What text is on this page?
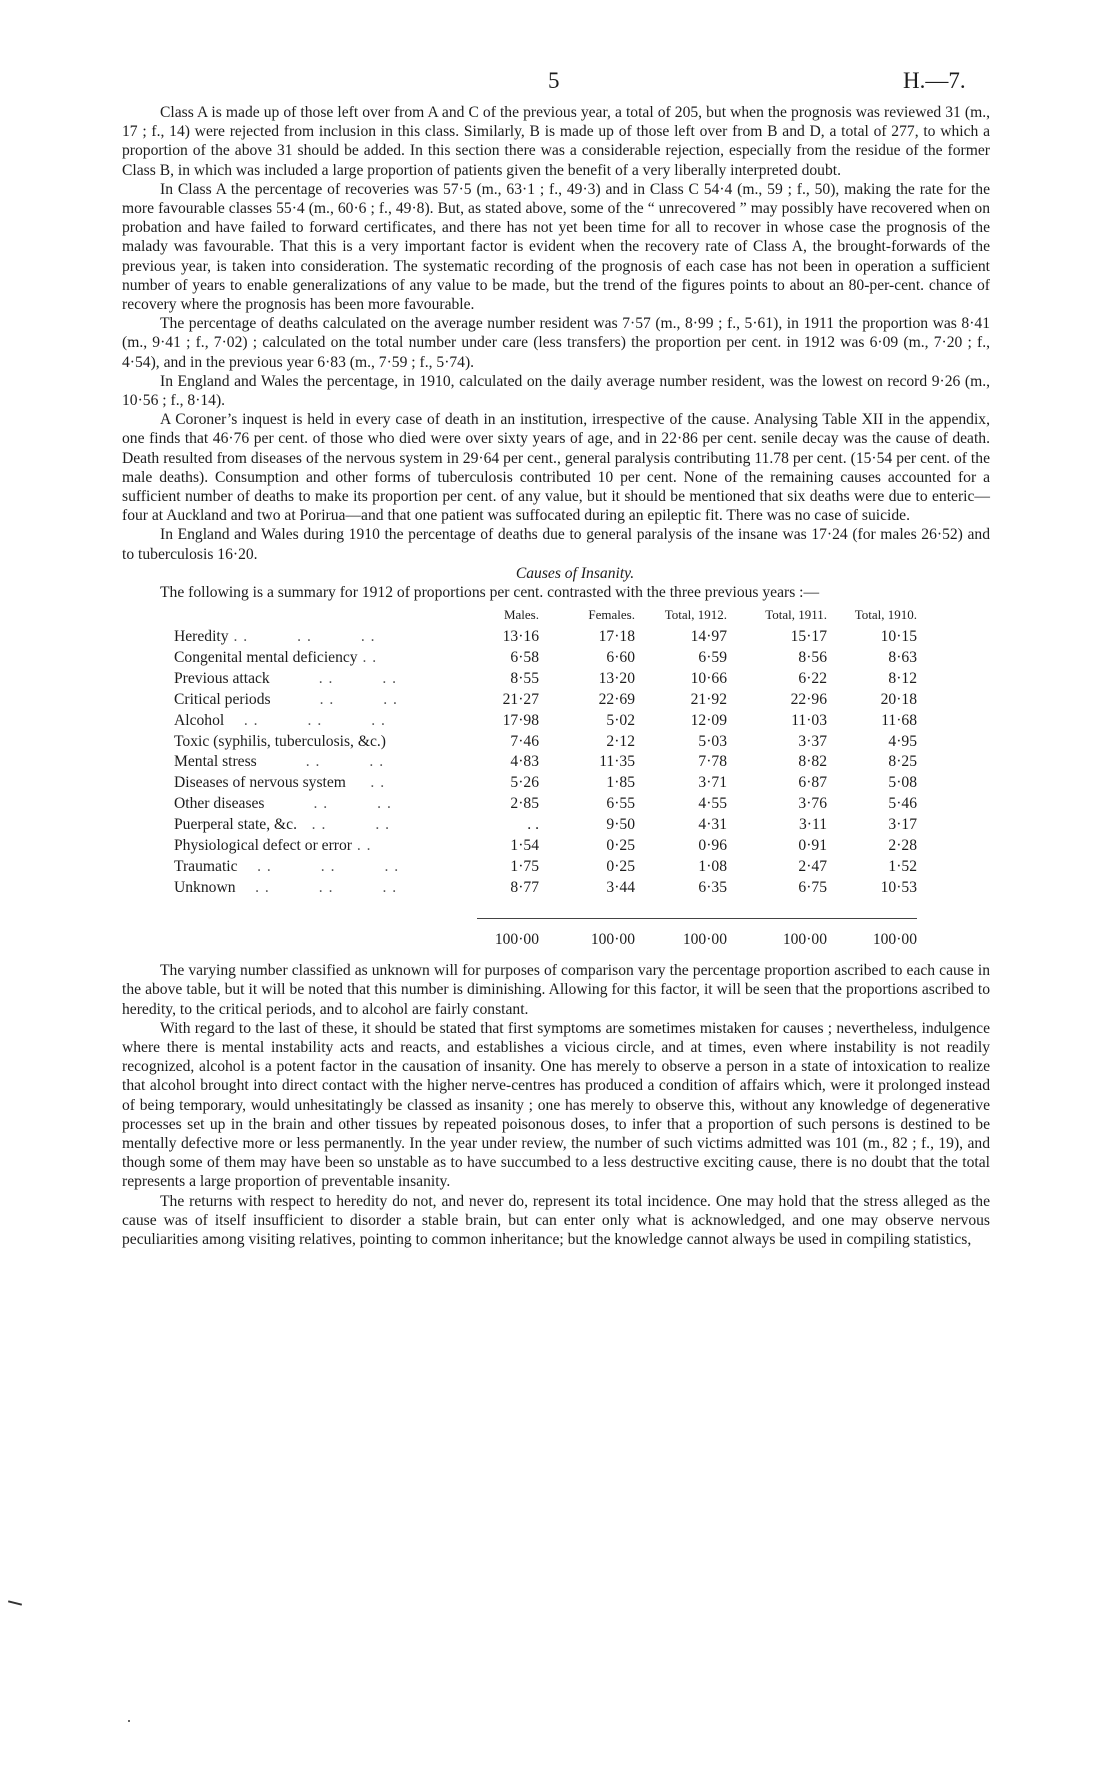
5	H.—7.

Class A is made up of those left over from A and C of the previous year, a total of 205, but when the prognosis was reviewed 31 (m., 17 ; f., 14) were rejected from inclusion in this class. Similarly, B is made up of those left over from B and D, a total of 277, to which a proportion of the above 31 should be added. In this section there was a considerable rejection, especially from the residue of the former Class B, in which was included a large proportion of patients given the benefit of a very liberally interpreted doubt.

In Class A the percentage of recoveries was 57·5 (m., 63·1 ; f., 49·3) and in Class C 54·4 (m., 59 ; f., 50), making the rate for the more favourable classes 55·4 (m., 60·6 ; f., 49·8). But, as stated above, some of the “ unrecovered ” may possibly have recovered when on probation and have failed to forward certificates, and there has not yet been time for all to recover in whose case the prognosis of the malady was favourable. That this is a very important factor is evident when the recovery rate of Class A, the brought-forwards of the previous year, is taken into consideration. The systematic recording of the prognosis of each case has not been in operation a sufficient number of years to enable generalizations of any value to be made, but the trend of the figures points to about an 80-per-cent. chance of recovery where the prognosis has been more favourable.

The percentage of deaths calculated on the average number resident was 7·57 (m., 8·99 ; f., 5·61), in 1911 the proportion was 8·41 (m., 9·41 ; f., 7·02) ; calculated on the total number under care (less transfers) the proportion per cent. in 1912 was 6·09 (m., 7·20 ; f., 4·54), and in the previous year 6·83 (m., 7·59 ; f., 5·74).

In England and Wales the percentage, in 1910, calculated on the daily average number resident, was the lowest on record 9·26 (m., 10·56 ; f., 8·14).

A Coroner’s inquest is held in every case of death in an institution, irrespective of the cause. Analysing Table XII in the appendix, one finds that 46·76 per cent. of those who died were over sixty years of age, and in 22·86 per cent. senile decay was the cause of death. Death resulted from diseases of the nervous system in 29·64 per cent., general paralysis contributing 11.78 per cent. (15·54 per cent. of the male deaths). Consumption and other forms of tuberculosis contributed 10 per cent. None of the remaining causes accounted for a sufficient number of deaths to make its proportion per cent. of any value, but it should be mentioned that six deaths were due to enteric—four at Auckland and two at Porirua—and that one patient was suffocated during an epileptic fit. There was no case of suicide.

In England and Wales during 1910 the percentage of deaths due to general paralysis of the insane was 17·24 (for males 26·52) and to tuberculosis 16·20.

Causes of Insanity.

The following is a summary for 1912 of proportions per cent. contrasted with the three previous years :—

	Males.	Females.	Total, 1912.	Total, 1911.	Total, 1910.
Heredity . .          . .          . .	13·16	17·18	14·97	15·17	10·15
Congenital mental deficiency . .	6·58	6·60	6·59	8·56	8·63
Previous attack          . .          . .	8·55	13·20	10·66	6·22	8·12
Critical periods          . .          . .	21·27	22·69	21·92	22·96	20·18
Alcohol    . .          . .          . .	17·98	5·02	12·09	11·03	11·68
Toxic (syphilis, tuberculosis, &c.)	7·46	2·12	5·03	3·37	4·95
Mental stress          . .          . .	4·83	11·35	7·78	8·82	8·25
Diseases of nervous system     . .	5·26	1·85	3·71	6·87	5·08
Other diseases          . .          . .	2·85	6·55	4·55	3·76	5·46
Puerperal state, &c.   . .          . .	. .	9·50	4·31	3·11	3·17
Physiological defect or error . .	1·54	0·25	0·96	0·91	2·28
Traumatic    . .          . .          . .	1·75	0·25	1·08	2·47	1·52
Unknown    . .          . .          . .	8·77	3·44	6·35	6·75	10·53

	100·00	100·00	100·00	100·00	100·00

The varying number classified as unknown will for purposes of comparison vary the percentage proportion ascribed to each cause in the above table, but it will be noted that this number is diminishing. Allowing for this factor, it will be seen that the proportions ascribed to heredity, to the critical periods, and to alcohol are fairly constant.

With regard to the last of these, it should be stated that first symptoms are sometimes mistaken for causes ; nevertheless, indulgence where there is mental instability acts and reacts, and establishes a vicious circle, and at times, even where instability is not readily recognized, alcohol is a potent factor in the causation of insanity. One has merely to observe a person in a state of intoxication to realize that alcohol brought into direct contact with the higher nerve-centres has produced a condition of affairs which, were it prolonged instead of being temporary, would unhesitatingly be classed as insanity ; one has merely to observe this, without any knowledge of degenerative processes set up in the brain and other tissues by repeated poisonous doses, to infer that a proportion of such persons is destined to be mentally defective more or less permanently. In the year under review, the number of such victims admitted was 101 (m., 82 ; f., 19), and though some of them may have been so unstable as to have succumbed to a less destructive exciting cause, there is no doubt that the total represents a large proportion of preventable insanity.

The returns with respect to heredity do not, and never do, represent its total incidence. One may hold that the stress alleged as the cause was of itself insufficient to disorder a stable brain, but can enter only what is acknowledged, and one may observe nervous peculiarities among visiting relatives, pointing to common inheritance; but the knowledge cannot always be used in compiling statistics,
